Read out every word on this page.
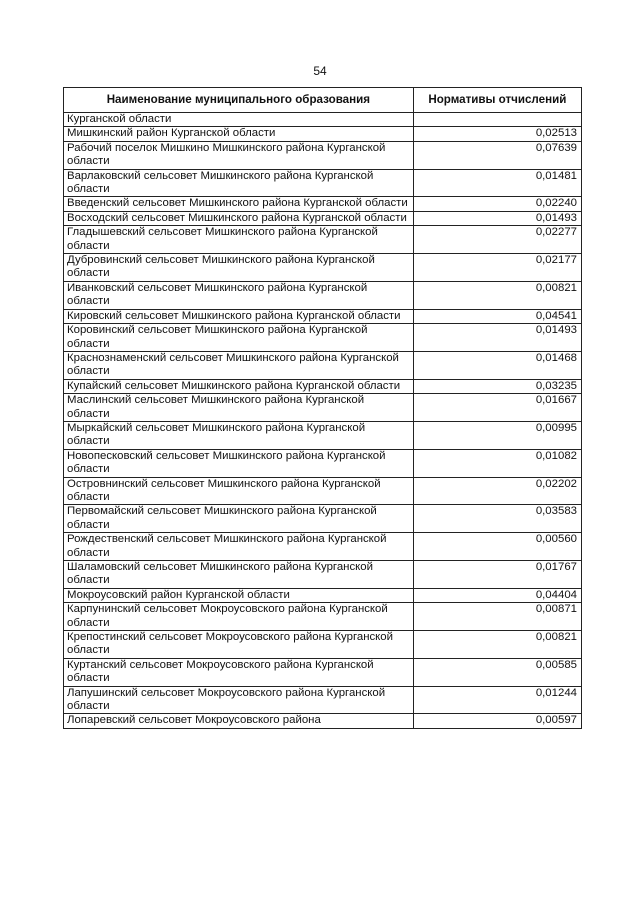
54
Наименование муниципального образования	Нормативы отчислений
Курганской области	
Мишкинский район Курганской области	0,02513
Рабочий поселок Мишкино Мишкинского района Курганской области	0,07639
Варлаковский сельсовет Мишкинского района Курганской области	0,01481
Введенский сельсовет Мишкинского района Курганской области	0,02240
Восходский сельсовет Мишкинского района Курганской области	0,01493
Гладышевский сельсовет Мишкинского района Курганской области	0,02277
Дубровинский сельсовет Мишкинского района Курганской области	0,02177
Иванковский сельсовет Мишкинского района Курганской области	0,00821
Кировский сельсовет Мишкинского района Курганской области	0,04541
Коровинский сельсовет Мишкинского района Курганской области	0,01493
Краснознаменский сельсовет Мишкинского района Курганской области	0,01468
Купайский сельсовет Мишкинского района Курганской области	0,03235
Маслинский сельсовет Мишкинского района Курганской области	0,01667
Мыркайский сельсовет Мишкинского района Курганской области	0,00995
Новопесковский сельсовет Мишкинского района Курганской области	0,01082
Островнинский сельсовет Мишкинского района Курганской области	0,02202
Первомайский сельсовет Мишкинского района Курганской области	0,03583
Рождественский сельсовет Мишкинского района Курганской области	0,00560
Шаламовский сельсовет Мишкинского района Курганской области	0,01767
Мокроусовский район Курганской области	0,04404
Карпунинский сельсовет Мокроусовского района Курганской области	0,00871
Крепостинский сельсовет Мокроусовского района Курганской области	0,00821
Куртанский сельсовет Мокроусовского района Курганской области	0,00585
Лапушинский сельсовет Мокроусовского района Курганской области	0,01244
Лопаревский сельсовет Мокроусовского района	0,00597
